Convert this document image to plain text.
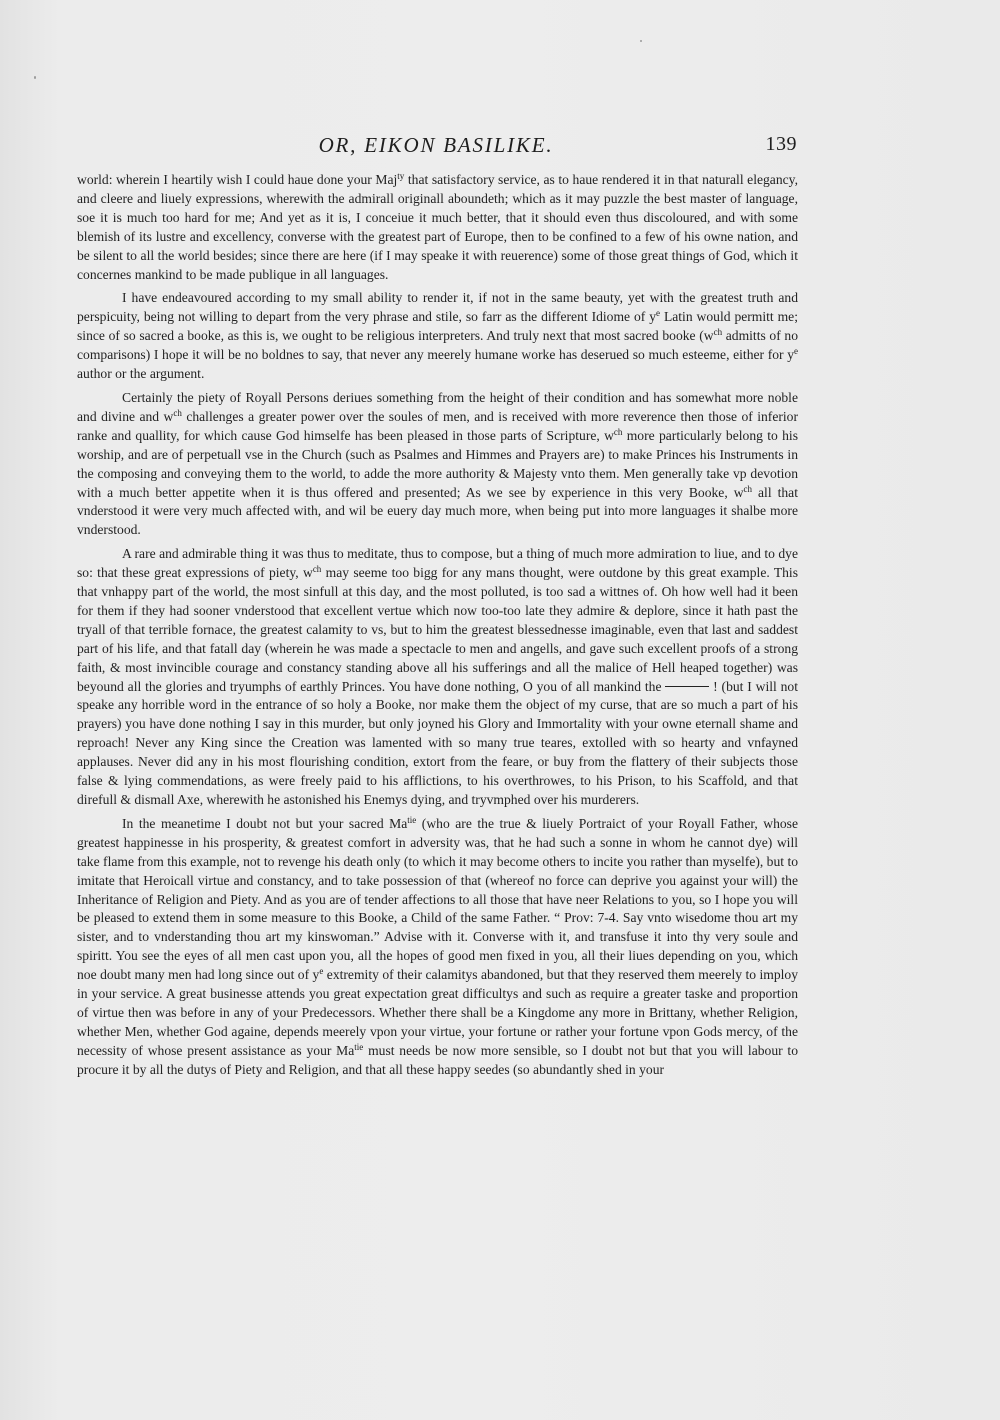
OR, EIKON BASILIKE.	139

world: wherein I heartily wish I could haue done your Maj$^{ty}$ that satisfactory service, as to haue rendered it in that naturall elegancy, and cleere and liuely expressions, wherewith the admirall originall aboundeth; which as it may puzzle the best master of language, soe it is much too hard for me; And yet as it is, I conceiue it much better, that it should even thus discoloured, and with some blemish of its lustre and excellency, converse with the greatest part of Europe, then to be confined to a few of his owne nation, and be silent to all the world besides; since there are here (if I may speake it with reuerence) some of those great things of God, which it concernes mankind to be made publique in all languages.

I have endeavoured according to my small ability to render it, if not in the same beauty, yet with the greatest truth and perspicuity, being not willing to depart from the very phrase and stile, so farr as the different Idiome of $y^e$ Latin would permitt me; since of so sacred a booke, as this is, we ought to be religious interpreters. And truly next that most sacred booke ($w^{ch}$ admitts of no comparisons) I hope it will be no boldnes to say, that never any meerely humane worke has deserued so much esteeme, either for $y^e$ author or the argument.

Certainly the piety of Royall Persons deriues something from the height of their condition and has somewhat more noble and divine and $w^{ch}$ challenges a greater power over the soules of men, and is received with more reverence then those of inferior ranke and quallity, for which cause God himselfe has been pleased in those parts of Scripture, $w^{ch}$ more particularly belong to his worship, and are of perpetuall vse in the Church (such as Psalmes and Himmes and Prayers are) to make Princes his Instruments in the composing and conveying them to the world, to adde the more authority & Majesty vnto them. Men generally take vp devotion with a much better appetite when it is thus offered and presented; As we see by experience in this very Booke, $w^{ch}$ all that vnderstood it were very much affected with, and wil be euery day much more, when being put into more languages it shalbe more vnderstood.

A rare and admirable thing it was thus to meditate, thus to compose, but a thing of much more admiration to liue, and to dye so: that these great expressions of piety, $w^{ch}$ may seeme too bigg for any mans thought, were outdone by this great example. This that vnhappy part of the world, the most sinfull at this day, and the most polluted, is too sad a wittnes of. Oh how well had it been for them if they had sooner vnderstood that excellent vertue which now too-too late they admire & deplore, since it hath past the tryall of that terrible fornace, the greatest calamity to vs, but to him the greatest blessednesse imaginable, even that last and saddest part of his life, and that fatall day (wherein he was made a spectacle to men and angells, and gave such excellent proofs of a strong faith, & most invincible courage and constancy standing above all his sufferings and all the malice of Hell heaped together) was beyound all the glories and tryumphs of earthly Princes. You have done nothing, O you of all mankind the	! (but I will not speake any horrible word in the entrance of so holy a Booke, nor make them the object of my curse, that are so much a part of his prayers) you have done nothing I say in this murder, but only joyned his Glory and Immortality with your owne eternall shame and reproach! Never any King since the Creation was lamented with so many true teares, extolled with so hearty and vnfayned applauses. Never did any in his most flourishing condition, extort from the feare, or buy from the flattery of their subjects those false & lying commendations, as were freely paid to his afflictions, to his overthrowes, to his Prison, to his Scaffold, and that direfull & dismall Axe, wherewith he astonished his Enemys dying, and tryvmphed over his murderers.

In the meanetime I doubt not but your sacred $Ma^{tie}$ (who are the true & liuely Portraict of your Royall Father, whose greatest happinesse in his prosperity, & greatest comfort in adversity was, that he had such a sonne in whom he cannot dye) will take flame from this example, not to revenge his death only (to which it may become others to incite you rather than myselfe), but to imitate that Heroicall virtue and constancy, and to take possession of that (whereof no force can deprive you against your will) the Inheritance of Religion and Piety. And as you are of tender affections to all those that have neer Relations to you, so I hope you will be pleased to extend them in some measure to this Booke, a Child of the same Father. “ Prov: 7-4. Say vnto wisedome thou art my sister, and to vnderstanding thou art my kinswoman.” Advise with it. Converse with it, and transfuse it into thy very soule and spiritt. You see the eyes of all men cast upon you, all the hopes of good men fixed in you, all their liues depending on you, which noe doubt many men had long since out of $y^e$ extremity of their calamitys abandoned, but that they reserved them meerely to imploy in your service. A great businesse attends you great expectation great difficultys and such as require a greater taske and proportion of virtue then was before in any of your Predecessors. Whether there shall be a Kingdome any more in Brittany, whether Religion, whether Men, whether God againe, depends meerely vpon your virtue, your fortune or rather your fortune vpon Gods mercy, of the necessity of whose present assistance as your $Ma^{tie}$ must needs be now more sensible, so I doubt not but that you will labour to procure it by all the dutys of Piety and Religion, and that all these happy seedes (so abundantly shed in your
